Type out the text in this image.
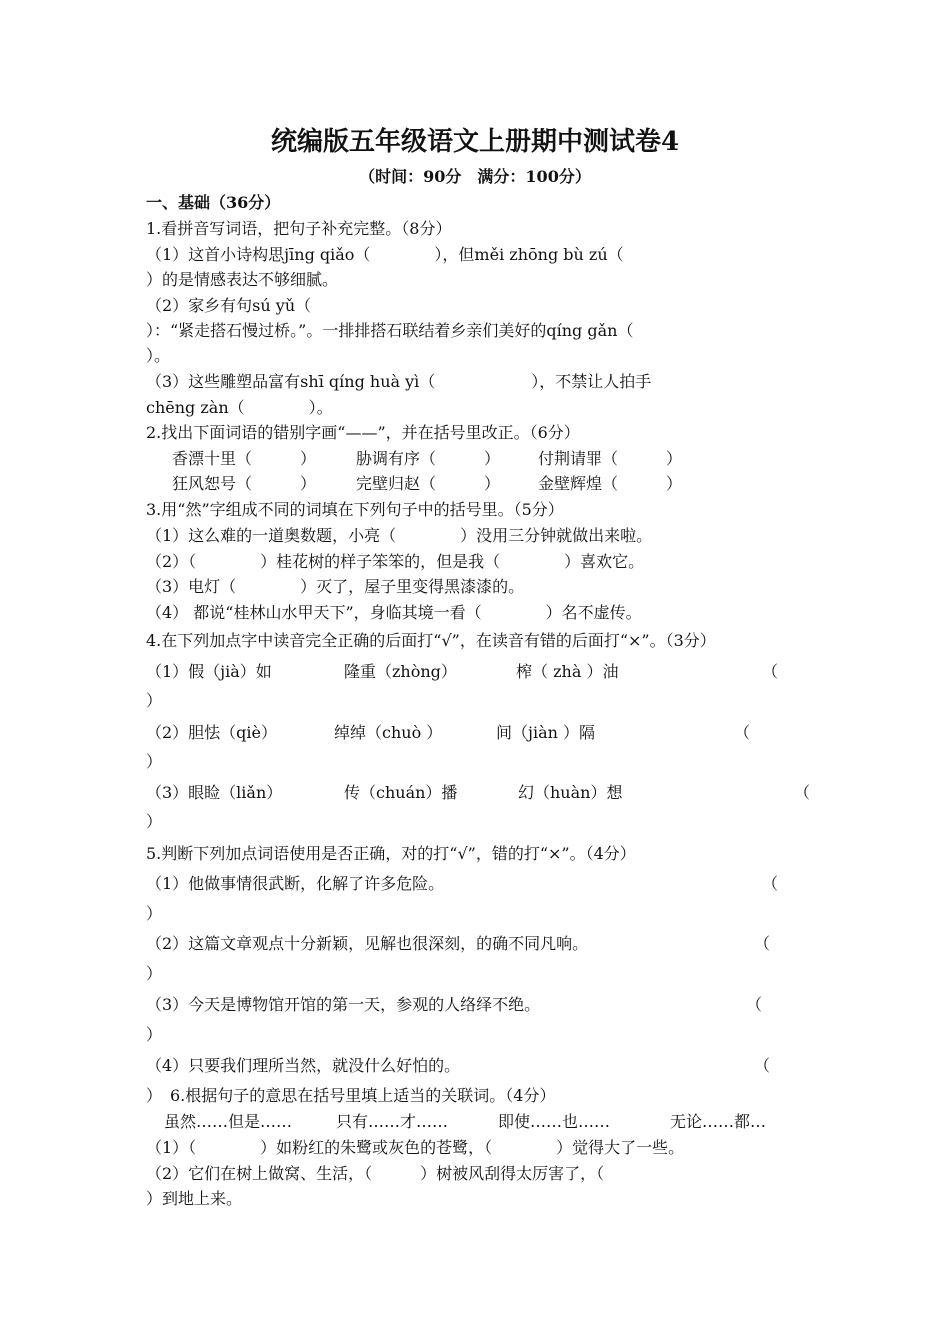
统编版五年级语文上册期中测试卷4
（时间：90分　满分：100分）
一、基础（36分）
1.看拼音写词语，把句子补充完整。（8分）
（1）这首小诗构思jīng qiǎo（　　　　），但měi zhōng bù zú（
）的是情感表达不够细腻。
（2）家乡有句sú yǔ（
）：“紧走搭石慢过桥。”。一排排搭石联结着乡亲们美好的qíng gǎn（
）。
（3）这些雕塑品富有shī qíng huà yì（　　　　　　），不禁让人拍手
chēng zàn（　　　　）。
2.找出下面词语的错别字画“——”，并在括号里改正。（6分）
香漂十里（　　　） 胁调有序（　　　） 付荆请罪（　　　）
狂风恕号（　　　） 完壁归赵（　　　） 金壁辉煌（　　　）
3.用“然”字组成不同的词填在下列句子中的括号里。（5分）
（1）这么难的一道奥数题，小亮（　　　　）没用三分钟就做出来啦。
（2）（　　　　）桂花树的样子笨笨的，但是我（　　　　）喜欢它。
（3）电灯（　　　　）灭了，屋子里变得黑漆漆的。
（4） 都说“桂林山水甲天下”，身临其境一看（　　　　）名不虚传。
4.在下列加点字中读音完全正确的后面打“√”，在读音有错的后面打“×”。（3分）
（1）假（jià）如	隆重（zhòng）	榨（ zhà ）油	（
）
（2）胆怯（qiè）	绰绰（chuò ）	间（jiàn ）隔	（
）
（3）眼睑（liǎn）	传（chuán）播	幻（huàn）想	（
）
5.判断下列加点词语使用是否正确，对的打“√”，错的打“×”。（4分）
（1）他做事情很武断，化解了许多危险。	（
）
（2）这篇文章观点十分新颖，见解也很深刻，的确不同凡响。	（
）
（3）今天是博物馆开馆的第一天，参观的人络绎不绝。	（
）
（4）只要我们理所当然，就没什么好怕的。	（
）　6.根据句子的意思在括号里填上适当的关联词。（4分）
虽然……但是……	只有……才……	即使……也……	无论……都…
（1）（　　　　）如粉红的朱鹭或灰色的苍鹭，（　　　　）觉得大了一些。
（2）它们在树上做窝、生活，（　　　）树被风刮得太厉害了，（
）到地上来。
